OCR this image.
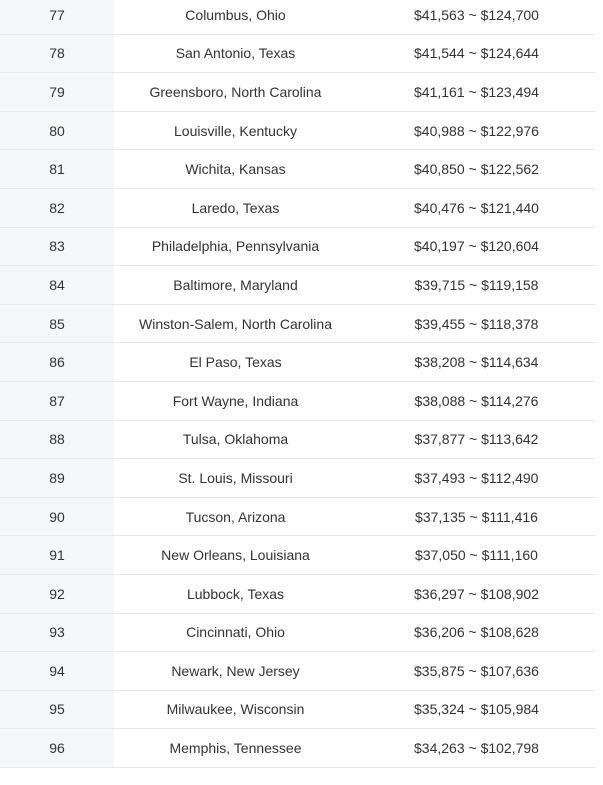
77	Columbus, Ohio	$41,563 ~ $124,700
78	San Antonio, Texas	$41,544 ~ $124,644
79	Greensboro, North Carolina	$41,161 ~ $123,494
80	Louisville, Kentucky	$40,988 ~ $122,976
81	Wichita, Kansas	$40,850 ~ $122,562
82	Laredo, Texas	$40,476 ~ $121,440
83	Philadelphia, Pennsylvania	$40,197 ~ $120,604
84	Baltimore, Maryland	$39,715 ~ $119,158
85	Winston-Salem, North Carolina	$39,455 ~ $118,378
86	El Paso, Texas	$38,208 ~ $114,634
87	Fort Wayne, Indiana	$38,088 ~ $114,276
88	Tulsa, Oklahoma	$37,877 ~ $113,642
89	St. Louis, Missouri	$37,493 ~ $112,490
90	Tucson, Arizona	$37,135 ~ $111,416
91	New Orleans, Louisiana	$37,050 ~ $111,160
92	Lubbock, Texas	$36,297 ~ $108,902
93	Cincinnati, Ohio	$36,206 ~ $108,628
94	Newark, New Jersey	$35,875 ~ $107,636
95	Milwaukee, Wisconsin	$35,324 ~ $105,984
96	Memphis, Tennessee	$34,263 ~ $102,798
